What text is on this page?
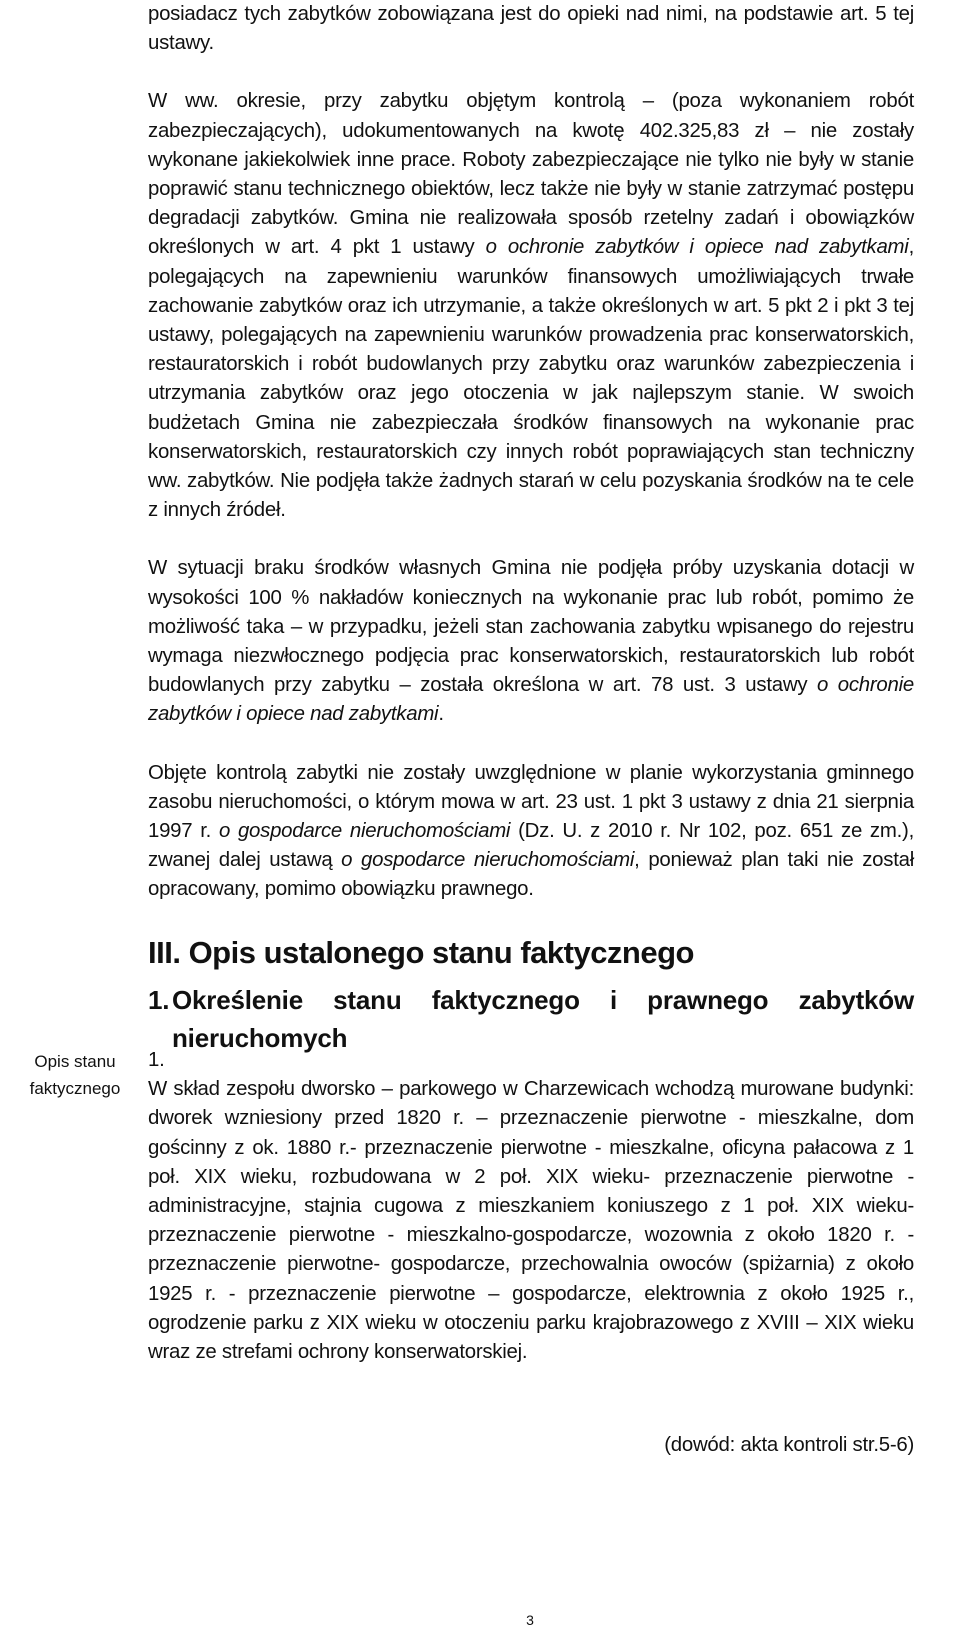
posiadacz tych zabytków zobowiązana jest do opieki nad nimi, na podstawie art. 5 tej ustawy.

W ww. okresie, przy zabytku objętym kontrolą – (poza wykonaniem robót zabezpieczających), udokumentowanych na kwotę 402.325,83 zł – nie zostały wykonane jakiekolwiek inne prace. Roboty zabezpieczające nie tylko nie były w stanie poprawić stanu technicznego obiektów, lecz także nie były w stanie zatrzymać postępu degradacji zabytków. Gmina nie realizowała sposób rzetelny zadań i obowiązków określonych w art. 4 pkt 1 ustawy o ochronie zabytków i opiece nad zabytkami, polegających na zapewnieniu warunków finansowych umożliwiających trwałe zachowanie zabytków oraz ich utrzymanie, a także określonych w art. 5 pkt 2 i pkt 3 tej ustawy, polegających na zapewnieniu warunków prowadzenia prac konserwatorskich, restauratorskich i robót budowlanych przy zabytku oraz warunków zabezpieczenia i utrzymania zabytków oraz jego otoczenia w jak najlepszym stanie. W swoich budżetach Gmina nie zabezpieczała środków finansowych na wykonanie prac konserwatorskich, restauratorskich czy innych robót poprawiających stan techniczny ww. zabytków. Nie podjęła także żadnych starań w celu pozyskania środków na te cele z innych źródeł.

W sytuacji braku środków własnych Gmina nie podjęła próby uzyskania dotacji w wysokości 100 % nakładów koniecznych na wykonanie prac lub robót, pomimo że możliwość taka – w przypadku, jeżeli stan zachowania zabytku wpisanego do rejestru wymaga niezwłocznego podjęcia prac konserwatorskich, restauratorskich lub robót budowlanych przy zabytku – została określona w art. 78 ust. 3 ustawy o ochronie zabytków i opiece nad zabytkami.

Objęte kontrolą zabytki nie zostały uwzględnione w planie wykorzystania gminnego zasobu nieruchomości, o którym mowa w art. 23 ust. 1 pkt 3 ustawy z dnia 21 sierpnia 1997 r. o gospodarce nieruchomościami (Dz. U. z 2010 r. Nr 102, poz. 651 ze zm.), zwanej dalej ustawą o gospodarce nieruchomościami, ponieważ plan taki nie został opracowany, pomimo obowiązku prawnego.

III. Opis ustalonego stanu faktycznego
1. Określenie stanu faktycznego i prawnego zabytków nieruchomych
Opis stanu faktycznego

1.

W skład zespołu dworsko – parkowego w Charzewicach wchodzą murowane budynki: dworek wzniesiony przed 1820 r. – przeznaczenie pierwotne - mieszkalne, dom gościnny z ok. 1880 r.- przeznaczenie pierwotne - mieszkalne, oficyna pałacowa z 1 poł. XIX wieku, rozbudowana w 2 poł. XIX wieku- przeznaczenie pierwotne - administracyjne, stajnia cugowa z mieszkaniem koniuszego z 1 poł. XIX wieku- przeznaczenie pierwotne - mieszkalno-gospodarcze, wozownia z około 1820 r. - przeznaczenie pierwotne- gospodarcze, przechowalnia owoców (spiżarnia) z około 1925 r. - przeznaczenie pierwotne – gospodarcze, elektrownia z około 1925 r., ogrodzenie parku z XIX wieku w otoczeniu parku krajobrazowego z XVIII – XIX wieku wraz ze strefami ochrony konserwatorskiej.

(dowód: akta kontroli str.5-6)
3
